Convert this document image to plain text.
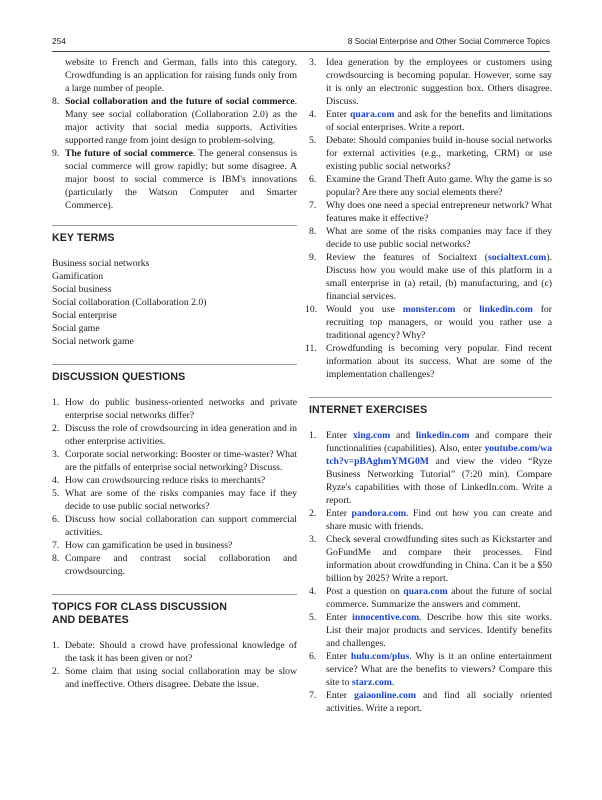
254	8 Social Enterprise and Other Social Commerce Topics
website to French and German, falls into this category. Crowdfunding is an application for raising funds only from a large number of people.
8. Social collaboration and the future of social commerce. Many see social collaboration (Collaboration 2.0) as the major activity that social media supports. Activities supported range from joint design to problem-solving.
9. The future of social commerce. The general consensus is social commerce will grow rapidly; but some disagree. A major boost to social commerce is IBM's innovations (particularly the Watson Computer and Smarter Commerce).
KEY TERMS
Business social networks
Gamification
Social business
Social collaboration (Collaboration 2.0)
Social enterprise
Social game
Social network game
DISCUSSION QUESTIONS
1. How do public business-oriented networks and private enterprise social networks differ?
2. Discuss the role of crowdsourcing in idea generation and in other enterprise activities.
3. Corporate social networking: Booster or time-waster? What are the pitfalls of enterprise social networking? Discuss.
4. How can crowdsourcing reduce risks to merchants?
5. What are some of the risks companies may face if they decide to use public social networks?
6. Discuss how social collaboration can support commercial activities.
7. How can gamification be used in business?
8. Compare and contrast social collaboration and crowdsourcing.
TOPICS FOR CLASS DISCUSSION
AND DEBATES
1. Debate: Should a crowd have professional knowledge of the task it has been given or not?
2. Some claim that using social collaboration may be slow and ineffective. Others disagree. Debate the issue.
3. Idea generation by the employees or customers using crowdsourcing is becoming popular. However, some say it is only an electronic suggestion box. Others disagree. Discuss.
4. Enter quara.com and ask for the benefits and limitations of social enterprises. Write a report.
5. Debate: Should companies build in-house social networks for external activities (e.g., marketing, CRM) or use existing public social networks?
6. Examine the Grand Theft Auto game. Why the game is so popular? Are there any social elements there?
7. Why does one need a special entrepreneur network? What features make it effective?
8. What are some of the risks companies may face if they decide to use public social networks?
9. Review the features of Socialtext (socialtext.com). Discuss how you would make use of this platform in a small enterprise in (a) retail, (b) manufacturing, and (c) financial services.
10. Would you use monster.com or linkedin.com for recruiting top managers, or would you rather use a traditional agency? Why?
11. Crowdfunding is becoming very popular. Find recent information about its success. What are some of the implementation challenges?
INTERNET EXERCISES
1. Enter xing.com and linkedin.com and compare their functionalities (capabilities). Also, enter youtube.com/watch?v=pBAghmYMG0M and view the video “Ryze Business Networking Tutorial” (7:20 min). Compare Ryze's capabilities with those of LinkedIn.com. Write a report.
2. Enter pandora.com. Find out how you can create and share music with friends.
3. Check several crowdfunding sites such as Kickstarter and GoFundMe and compare their processes. Find information about crowdfunding in China. Can it be a $50 billion by 2025? Write a report.
4. Post a question on quara.com about the future of social commerce. Summarize the answers and comment.
5. Enter innocentive.com. Describe how this site works. List their major products and services. Identify benefits and challenges.
6. Enter hulu.com/plus. Why is it an online entertainment service? What are the benefits to viewers? Compare this site to starz.com.
7. Enter gaiaonline.com and find all socially oriented activities. Write a report.
